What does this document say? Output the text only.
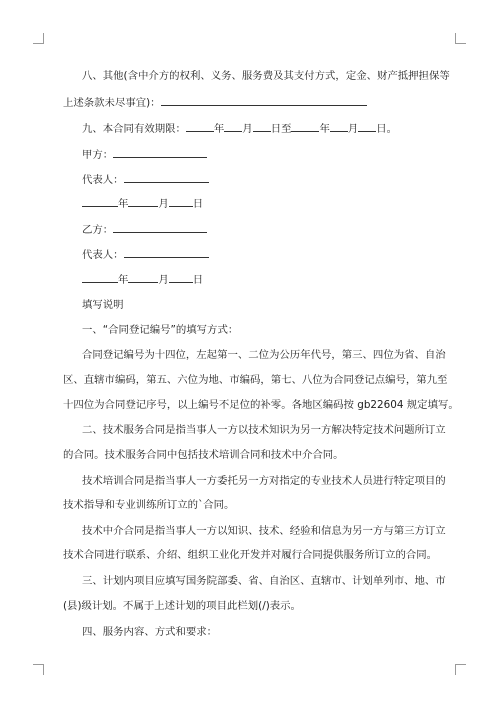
八、其他(含中介方的权利、义务、服务费及其支付方式，定金、财产抵押担保等
上述条款未尽事宜)：
九、本合同有效期限：	年 月 日至	年 月 日。
甲方：
代表人：
年	月 日
乙方：
代表人：
年	月 日
填写说明
一、“合同登记编号”的填写方式：
合同登记编号为十四位，左起第一、二位为公历年代号，第三、四位为省、自治
区、直辖市编码，第五、六位为地、市编码，第七、八位为合同登记点编号，第九至
十四位为合同登记序号，以上编号不足位的补零。各地区编码按 gb22604 规定填写。
二、技术服务合同是指当事人一方以技术知识为另一方解决特定技术问题所订立
的合同。技术服务合同中包括技术培训合同和技术中介合同。
技术培训合同是指当事人一方委托另一方对指定的专业技术人员进行特定项目的
技术指导和专业训练所订立的`合同。
技术中介合同是指当事人一方以知识、技术、经验和信息为另一方与第三方订立
技术合同进行联系、介绍、组织工业化开发并对履行合同提供服务所订立的合同。
三、计划内项目应填写国务院部委、省、自治区、直辖市、计划单列市、地、市
(县)级计划。不属于上述计划的项目此栏划(/)表示。
四、服务内容、方式和要求：
